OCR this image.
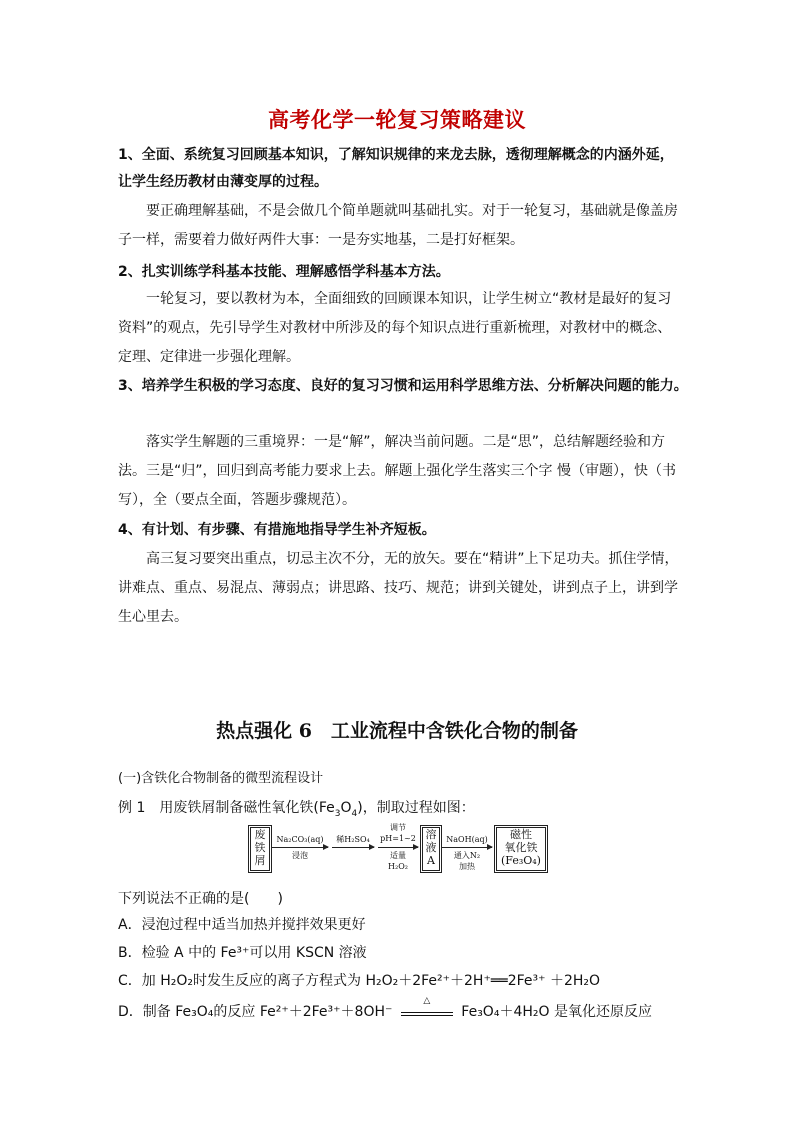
高考化学一轮复习策略建议
1、全面、系统复习回顾基本知识，了解知识规律的来龙去脉，透彻理解概念的内涵外延，
让学生经历教材由薄变厚的过程。
要正确理解基础，不是会做几个简单题就叫基础扎实。对于一轮复习，基础就是像盖房
子一样，需要着力做好两件大事：一是夯实地基，二是打好框架。
2、扎实训练学科基本技能、理解感悟学科基本方法。
一轮复习，要以教材为本，全面细致的回顾课本知识，让学生树立“教材是最好的复习
资料”的观点，先引导学生对教材中所涉及的每个知识点进行重新梳理，对教材中的概念、
定理、定律进一步强化理解。
3、培养学生积极的学习态度、良好的复习习惯和运用科学思维方法、分析解决问题的能力。
落实学生解题的三重境界：一是“解”，解决当前问题。二是“思”，总结解题经验和方
法。三是“归”，回归到高考能力要求上去。解题上强化学生落实三个字 慢（审题），快（书
写），全（要点全面，答题步骤规范）。
4、有计划、有步骤、有措施地指导学生补齐短板。
高三复习要突出重点，切忌主次不分，无的放矢。要在“精讲”上下足功夫。抓住学情，
讲难点、重点、易混点、薄弱点；讲思路、技巧、规范；讲到关键处，讲到点子上，讲到学
生心里去。
热点强化 6　工业流程中含铁化合物的制备
(一)含铁化合物制备的微型流程设计
例 1　用废铁屑制备磁性氧化铁$(Fe_3O_4)$，制取过程如图：
废
铁
屑
Na₂CO₃(aq)
浸泡
稀H₂SO₄
调节
pH=1~2
适量
H₂O₂
溶
液
A
NaOH(aq)
通入N₂
加热
磁性
氧化铁
(Fe₃O₄)
下列说法不正确的是(　　)
A．浸泡过程中适当加热并搅拌效果更好
B．检验 A 中的 Fe³⁺可以用 KSCN 溶液
C．加 H₂O₂时发生反应的离子方程式为 H₂O₂＋2Fe²⁺＋2H⁺══2Fe³⁺ ＋2H₂O
D．制备 Fe₃O₄的反应 Fe²⁺＋2Fe³⁺＋8OH⁻
△
Fe₃O₄＋4H₂O 是氧化还原反应
